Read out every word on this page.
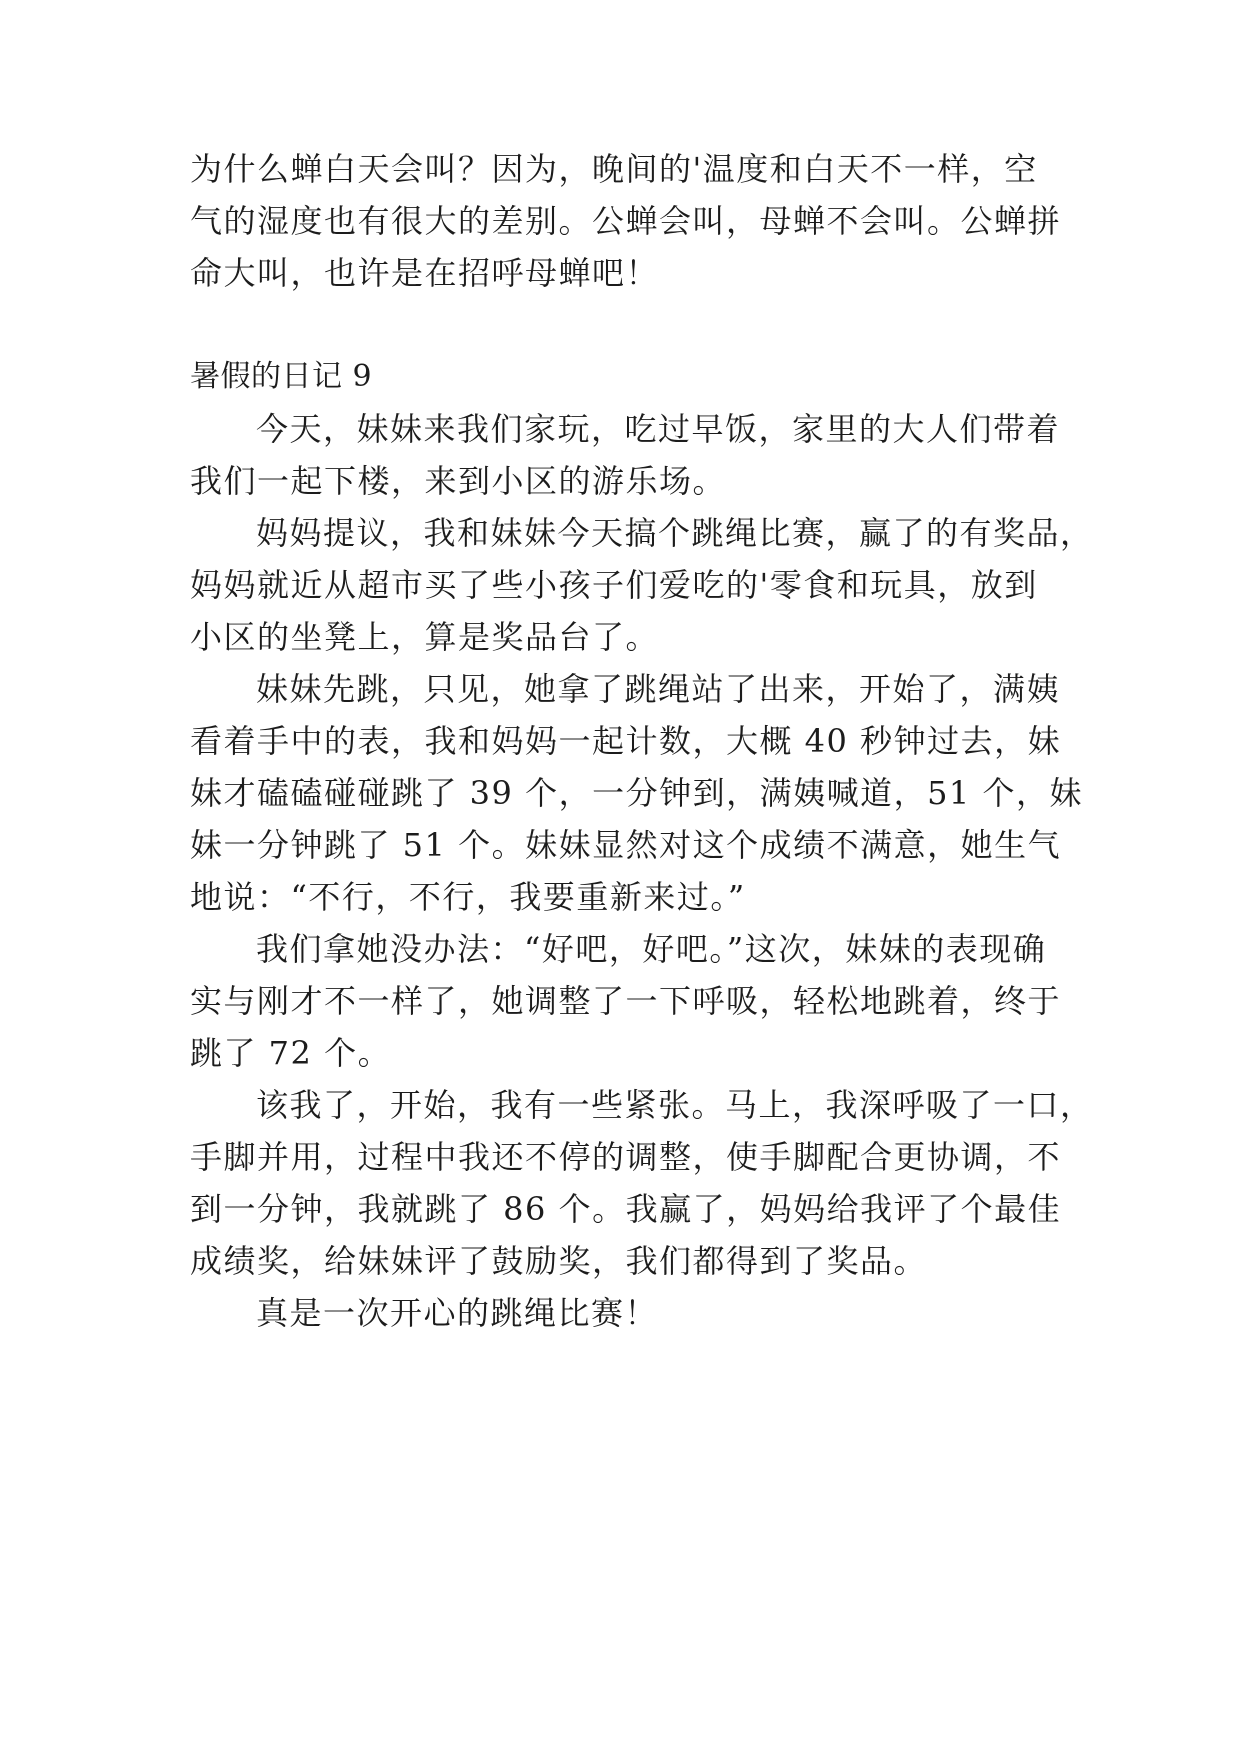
为什么蝉白天会叫？因为，晚间的'温度和白天不一样，空
气的湿度也有很大的差别。公蝉会叫，母蝉不会叫。公蝉拼
命大叫，也许是在招呼母蝉吧！
暑假的日记 9
今天，妹妹来我们家玩，吃过早饭，家里的大人们带着
我们一起下楼，来到小区的游乐场。
妈妈提议，我和妹妹今天搞个跳绳比赛，赢了的有奖品，
妈妈就近从超市买了些小孩子们爱吃的'零食和玩具，放到
小区的坐凳上，算是奖品台了。
妹妹先跳，只见，她拿了跳绳站了出来，开始了，满姨
看着手中的表，我和妈妈一起计数，大概 40 秒钟过去，妹
妹才磕磕碰碰跳了 39 个，一分钟到，满姨喊道，51 个，妹
妹一分钟跳了 51 个。妹妹显然对这个成绩不满意，她生气
地说：“不行，不行，我要重新来过。”
我们拿她没办法：“好吧，好吧。”这次，妹妹的表现确
实与刚才不一样了，她调整了一下呼吸，轻松地跳着，终于
跳了 72 个。
该我了，开始，我有一些紧张。马上，我深呼吸了一口，
手脚并用，过程中我还不停的调整，使手脚配合更协调，不
到一分钟，我就跳了 86 个。我赢了，妈妈给我评了个最佳
成绩奖，给妹妹评了鼓励奖，我们都得到了奖品。
真是一次开心的跳绳比赛！
